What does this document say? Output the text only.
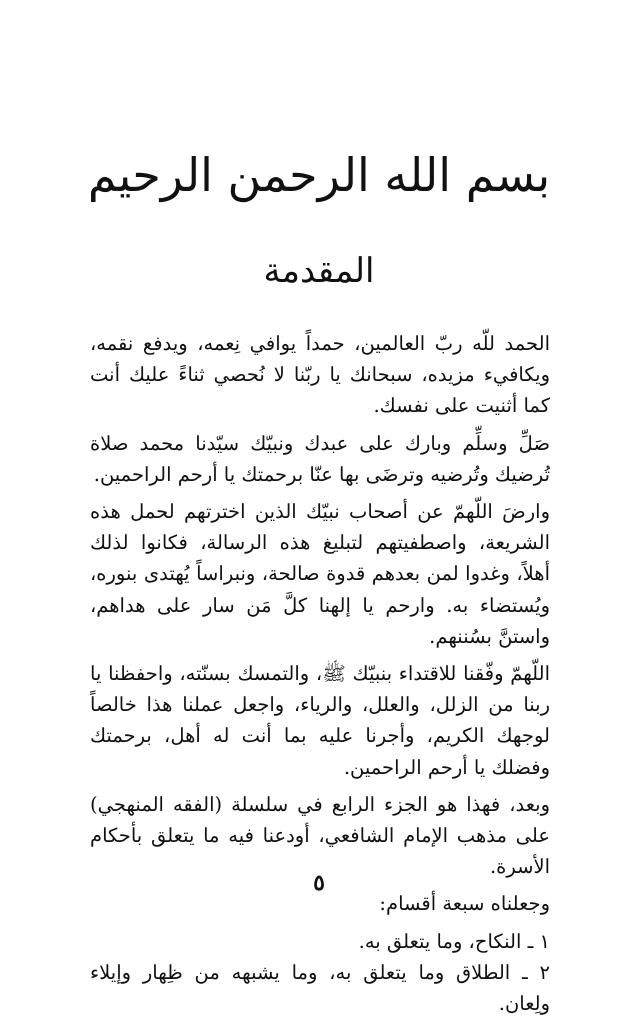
بسم الله الرحمن الرحيم
المقدمة

الحمد للّه ربّ العالمين، حمداً يوافي نِعمه، ويدفع نقمه، ويكافيء مزيده، سبحانك يا ربّنا لا نُحصي ثناءً عليك أنت كما أثنيت على نفسك.

صَلِّ وسلِّم وبارك على عبدك ونبيّك سيّدنا محمد صلاة تُرضيك وتُرضيه وترضَى بها عنّا برحمتك يا أرحم الراحمين.

وارضَ اللّهمّ عن أصحاب نبيّك الذين اخترتهم لحمل هذه الشريعة، واصطفيتهم لتبليغ هذه الرسالة، فكانوا لذلك أهلاً، وغدوا لمن بعدهم قدوة صالحة، ونبراساً يُهتدى بنوره، ويُستضاء به. وارحم يا إلهنا كلَّ مَن سار على هداهم، واستنَّ بسُننهم.

اللّهمّ وفّقنا للاقتداء بنبيّك ﷺ، والتمسك بسنّته، واحفظنا يا ربنا من الزلل، والعلل، والرياء، واجعل عملنا هذا خالصاً لوجهك الكريم، وأجرنا عليه بما أنت له أهل، برحمتك وفضلك يا أرحم الراحمين.

وبعد، فهذا هو الجزء الرابع في سلسلة (الفقه المنهجي) على مذهب الإمام الشافعي، أودعنا فيه ما يتعلق بأحكام الأسرة.

وجعلناه سبعة أقسام:

١ ـ النكاح، وما يتعلق به.

٢ ـ الطلاق وما يتعلق به، وما يشبهه من ظِهار وإيلاء ولِعان.

٥
